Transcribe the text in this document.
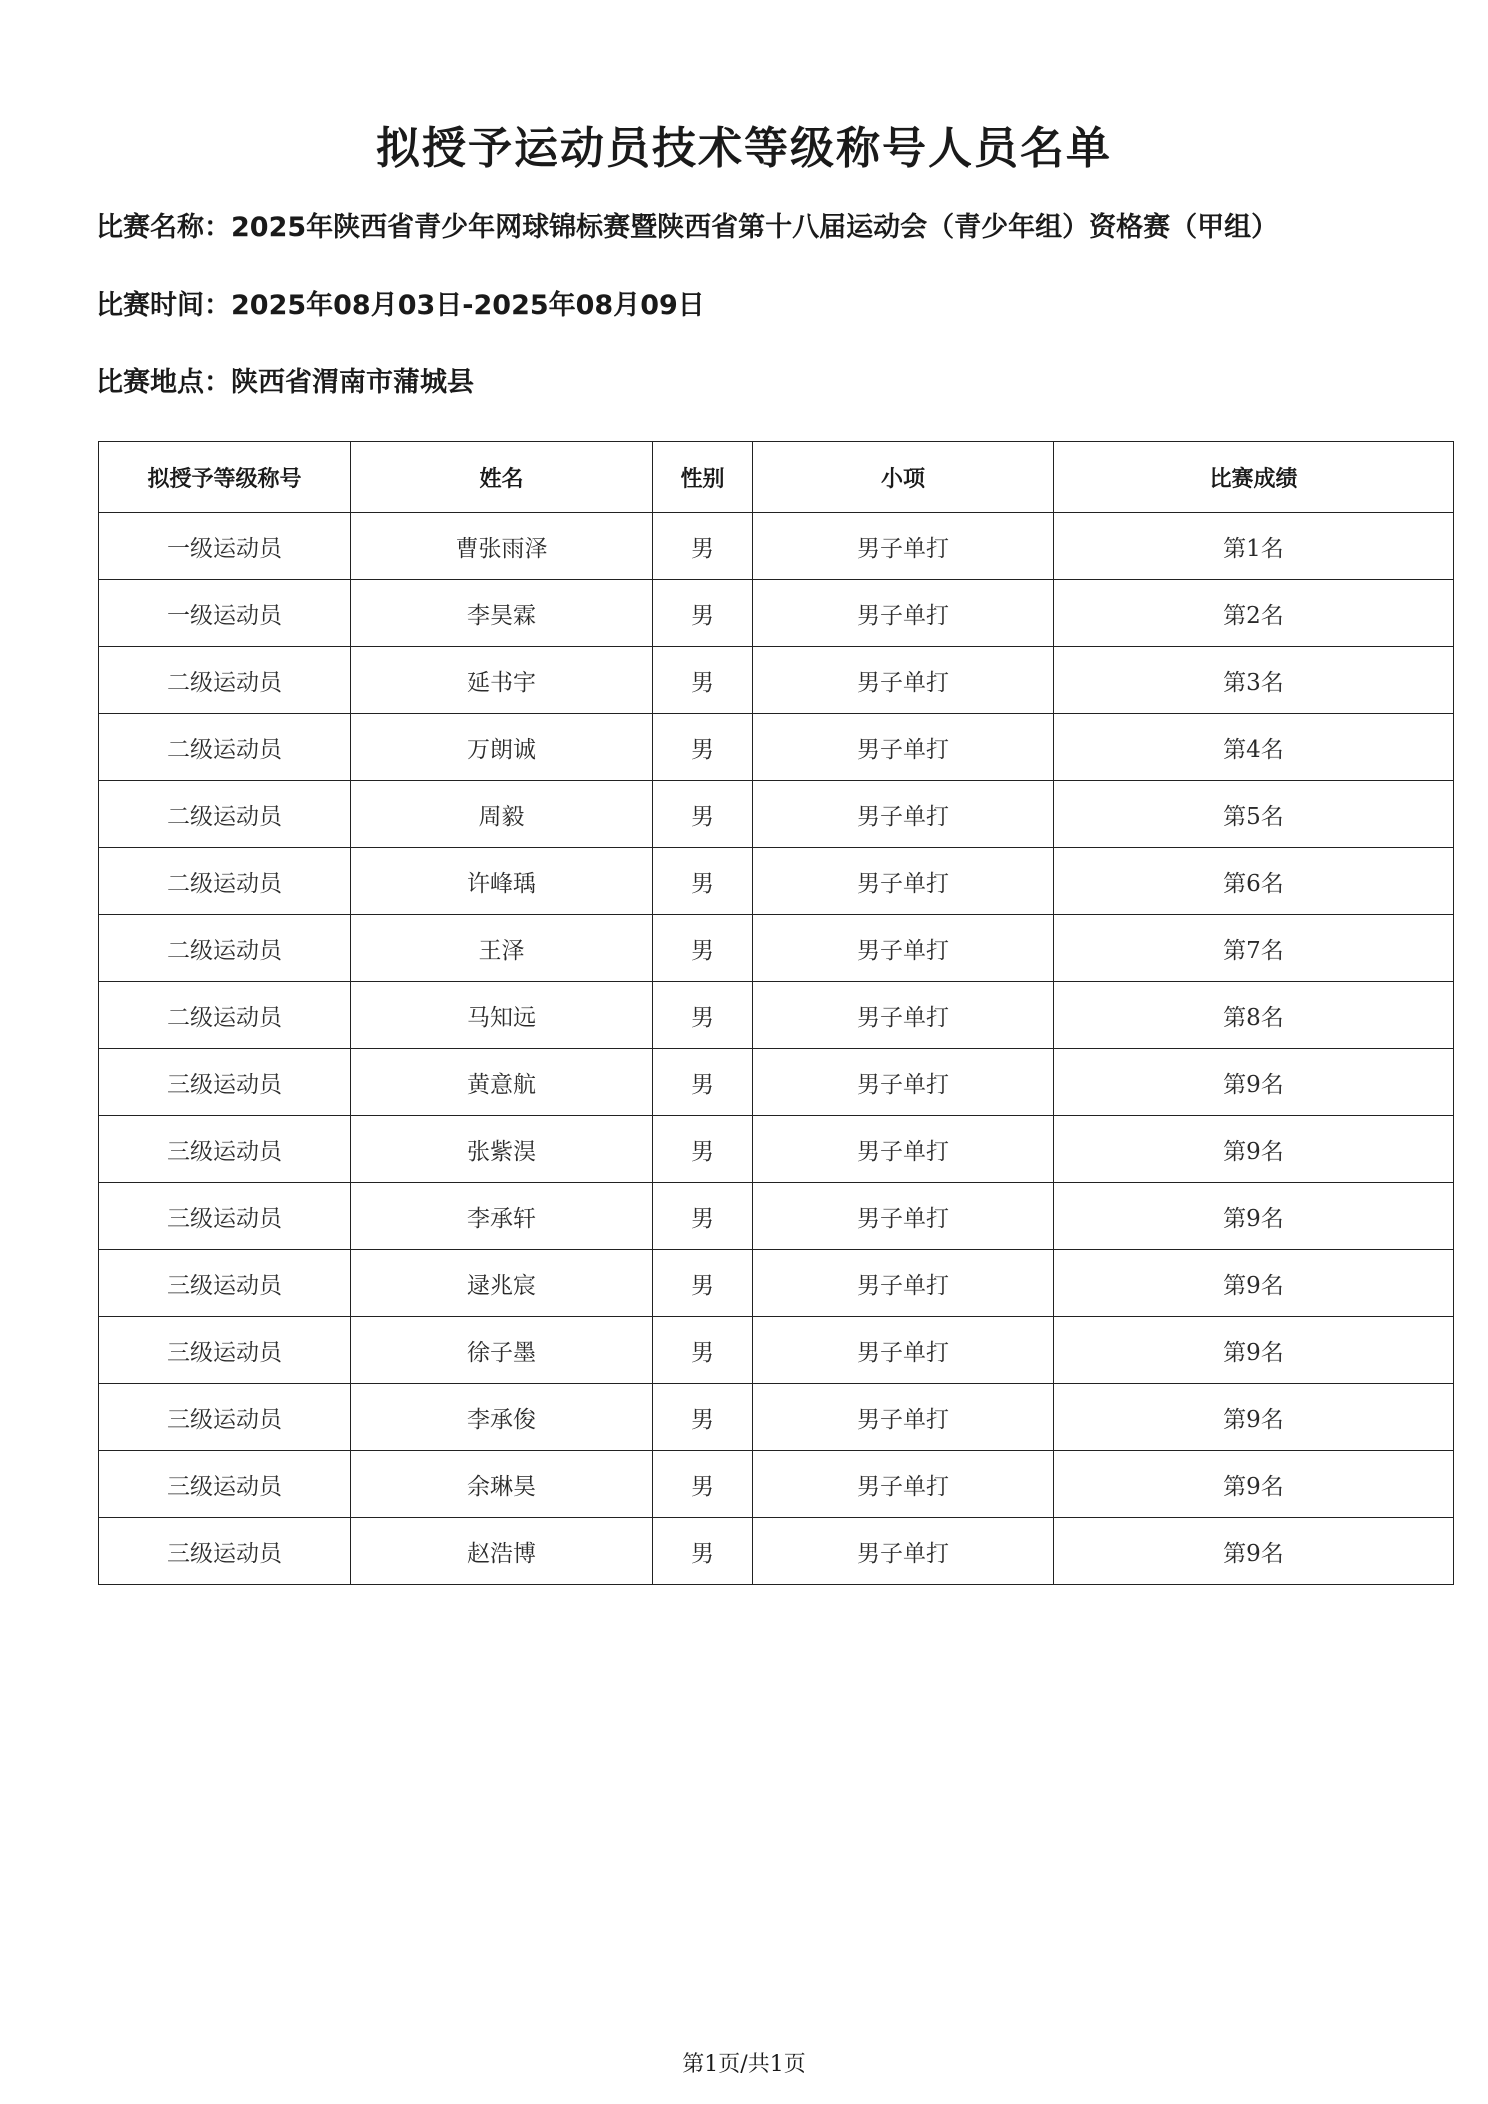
拟授予运动员技术等级称号人员名单
比赛名称：2025年陕西省青少年网球锦标赛暨陕西省第十八届运动会（青少年组）资格赛（甲组）
比赛时间：2025年08月03日-2025年08月09日
比赛地点：陕西省渭南市蒲城县
拟授予等级称号	姓名	性别	小项	比赛成绩
一级运动员	曹张雨泽	男	男子单打	第1名
一级运动员	李昊霖	男	男子单打	第2名
二级运动员	延书宇	男	男子单打	第3名
二级运动员	万朗诚	男	男子单打	第4名
二级运动员	周毅	男	男子单打	第5名
二级运动员	许峰瑀	男	男子单打	第6名
二级运动员	王泽	男	男子单打	第7名
二级运动员	马知远	男	男子单打	第8名
三级运动员	黄意航	男	男子单打	第9名
三级运动员	张紫淏	男	男子单打	第9名
三级运动员	李承轩	男	男子单打	第9名
三级运动员	逯兆宸	男	男子单打	第9名
三级运动员	徐子墨	男	男子单打	第9名
三级运动员	李承俊	男	男子单打	第9名
三级运动员	余琳昊	男	男子单打	第9名
三级运动员	赵浩博	男	男子单打	第9名
第1页/共1页
